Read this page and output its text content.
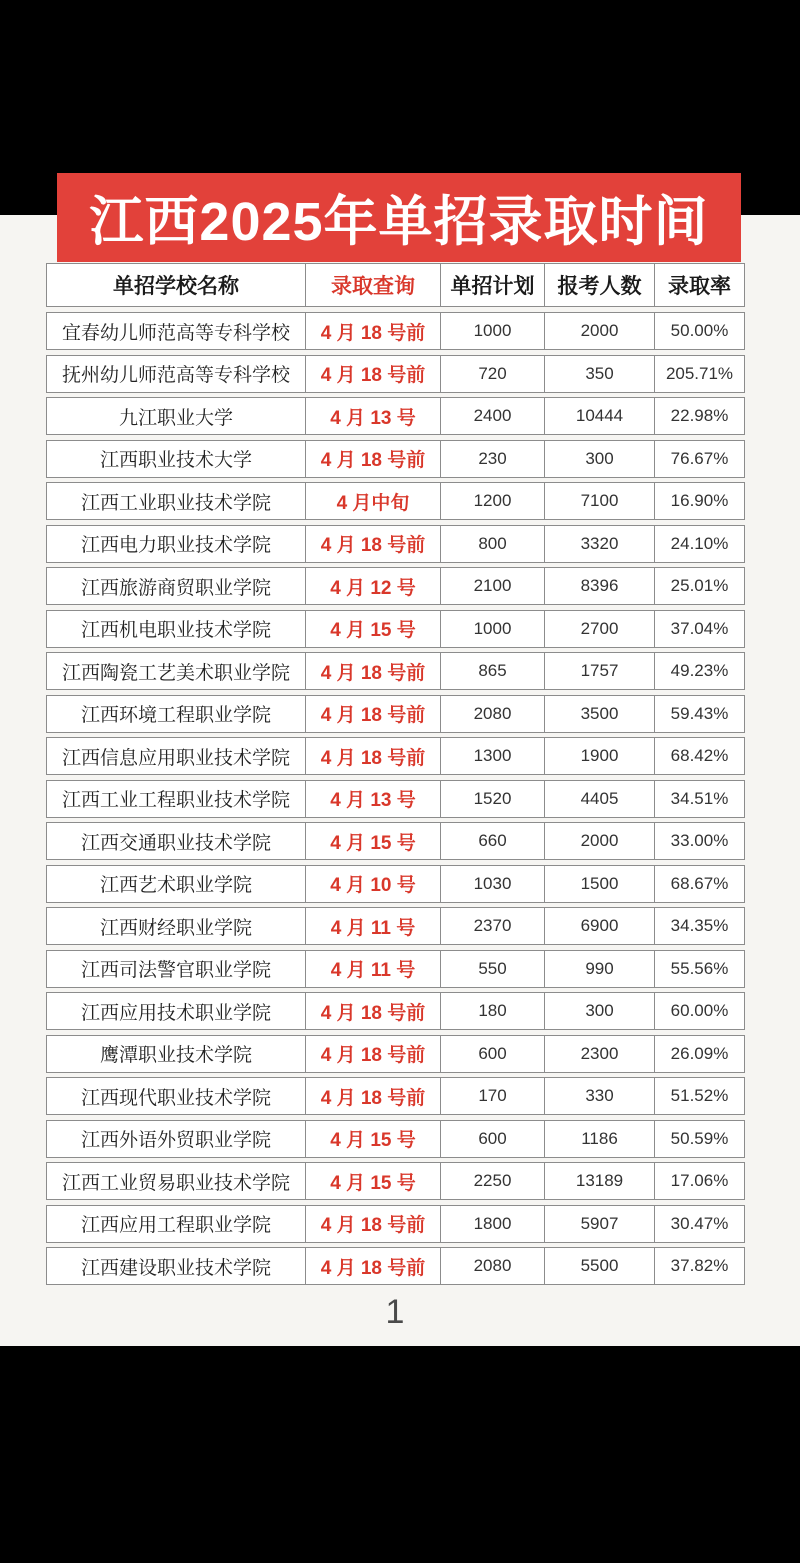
江西2025年单招录取时间
单招学校名称	录取查询	单招计划	报考人数	录取率
宜春幼儿师范高等专科学校	4 月 18 号前	1000	2000	50.00%
抚州幼儿师范高等专科学校	4 月 18 号前	720	350	205.71%
九江职业大学	4 月 13 号	2400	10444	22.98%
江西职业技术大学	4 月 18 号前	230	300	76.67%
江西工业职业技术学院	4 月中旬	1200	7100	16.90%
江西电力职业技术学院	4 月 18 号前	800	3320	24.10%
江西旅游商贸职业学院	4 月 12 号	2100	8396	25.01%
江西机电职业技术学院	4 月 15 号	1000	2700	37.04%
江西陶瓷工艺美术职业学院	4 月 18 号前	865	1757	49.23%
江西环境工程职业学院	4 月 18 号前	2080	3500	59.43%
江西信息应用职业技术学院	4 月 18 号前	1300	1900	68.42%
江西工业工程职业技术学院	4 月 13 号	1520	4405	34.51%
江西交通职业技术学院	4 月 15 号	660	2000	33.00%
江西艺术职业学院	4 月 10 号	1030	1500	68.67%
江西财经职业学院	4 月 11 号	2370	6900	34.35%
江西司法警官职业学院	4 月 11 号	550	990	55.56%
江西应用技术职业学院	4 月 18 号前	180	300	60.00%
鹰潭职业技术学院	4 月 18 号前	600	2300	26.09%
江西现代职业技术学院	4 月 18 号前	170	330	51.52%
江西外语外贸职业学院	4 月 15 号	600	1186	50.59%
江西工业贸易职业技术学院	4 月 15 号	2250	13189	17.06%
江西应用工程职业学院	4 月 18 号前	1800	5907	30.47%
江西建设职业技术学院	4 月 18 号前	2080	5500	37.82%
1
